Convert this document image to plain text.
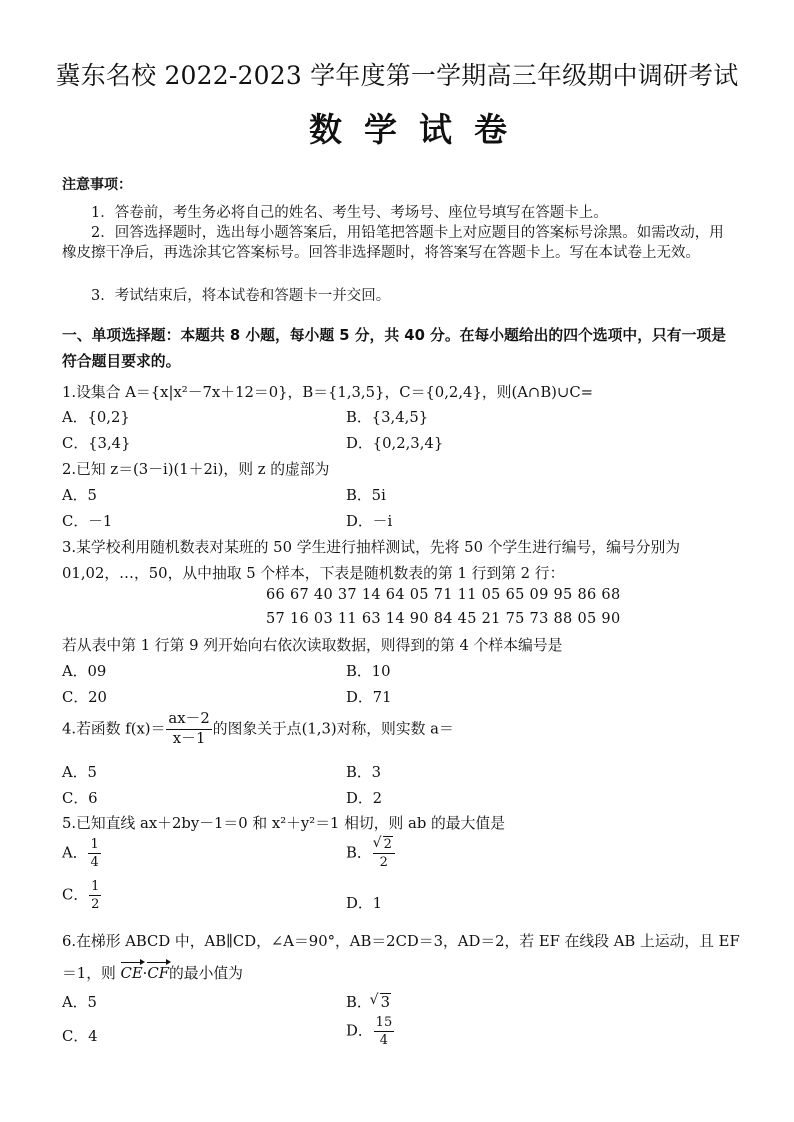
冀东名校 2022-2023 学年度第一学期高三年级期中调研考试
数学试卷
注意事项：
1．答卷前，考生务必将自己的姓名、考生号、考场号、座位号填写在答题卡上。
2．回答选择题时，选出每小题答案后，用铅笔把答题卡上对应题目的答案标号涂黑。如需改动，用橡皮擦干净后，再选涂其它答案标号。回答非选择题时，将答案写在答题卡上。写在本试卷上无效。
3．考试结束后，将本试卷和答题卡一并交回。
一、单项选择题：本题共 8 小题，每小题 5 分，共 40 分。在每小题给出的四个选项中，只有一项是符合题目要求的。
1.设集合 A＝{x|x²－7x＋12＝0}，B＝{1,3,5}，C＝{0,2,4}，则(A∩B)∪C=
A．{0,2}	B．{3,4,5}
C．{3,4}	D．{0,2,3,4}
2.已知 z＝(3－i)(1＋2i)，则 z 的虚部为
A．5	B．5i
C．－1	D．－i
3.某学校利用随机数表对某班的 50 学生进行抽样测试，先将 50 个学生进行编号，编号分别为
01,02，…，50，从中抽取 5 个样本，下表是随机数表的第 1 行到第 2 行：
66 67 40 37 14 64 05 71 11 05 65 09 95 86 68
57 16 03 11 63 14 90 84 45 21 75 73 88 05 90
若从表中第 1 行第 9 列开始向右依次读取数据，则得到的第 4 个样本编号是
A．09	B．10
C．20	D．71
4.若函数 $f(x)= \frac{ax-2}{x-1}$ 的图象关于点(1,3)对称，则实数 a＝
A．5	B．3
C．6	D．2
5.已知直线 ax＋2by－1＝0 和 x²＋y²＝1 相切，则 ab 的最大值是
A． $\frac{1}{4}$	B． √ $\frac{2}{2}$
C． $\frac{1}{2}$	D．1
6.在梯形 ABCD 中，AB∥CD，∠A＝90°，AB＝2CD＝3，AD＝2，若 EF 在线段 AB 上运动，且 EF
＝1，则 CE·CF的最小值为
A．5	B． √ 3
C．4	D． $\frac{15}{4}$
